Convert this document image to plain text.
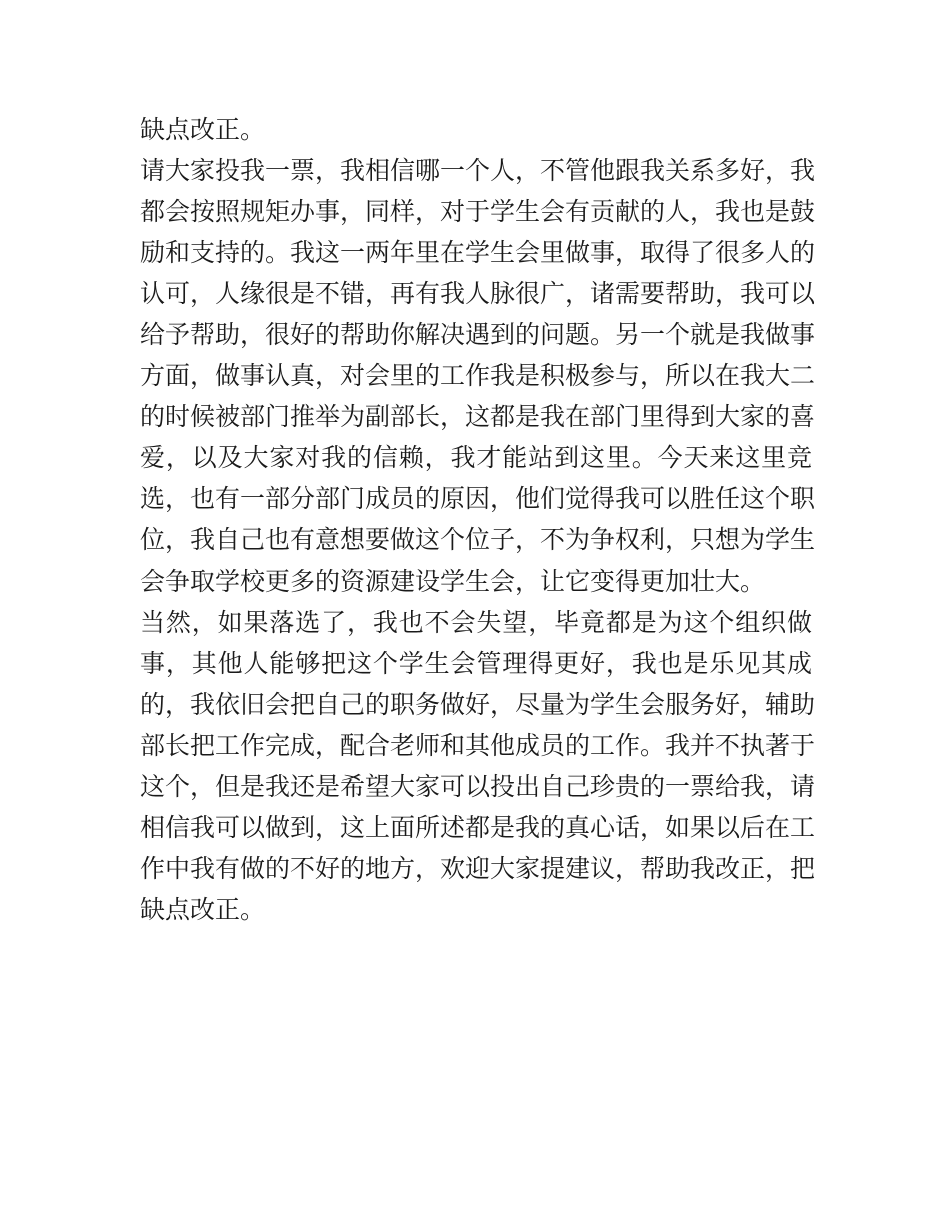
缺点改正。
请大家投我一票，我相信哪一个人，不管他跟我关系多好，我
都会按照规矩办事，同样，对于学生会有贡献的人，我也是鼓
励和支持的。我这一两年里在学生会里做事，取得了很多人的
认可，人缘很是不错，再有我人脉很广，诸需要帮助，我可以
给予帮助，很好的帮助你解决遇到的问题。另一个就是我做事
方面，做事认真，对会里的工作我是积极参与，所以在我大二
的时候被部门推举为副部长，这都是我在部门里得到大家的喜
爱，以及大家对我的信赖，我才能站到这里。今天来这里竞
选，也有一部分部门成员的原因，他们觉得我可以胜任这个职
位，我自己也有意想要做这个位子，不为争权利，只想为学生
会争取学校更多的资源建设学生会，让它变得更加壮大。
当然，如果落选了，我也不会失望，毕竟都是为这个组织做
事，其他人能够把这个学生会管理得更好，我也是乐见其成
的，我依旧会把自己的职务做好，尽量为学生会服务好，辅助
部长把工作完成，配合老师和其他成员的工作。我并不执著于
这个，但是我还是希望大家可以投出自己珍贵的一票给我，请
相信我可以做到，这上面所述都是我的真心话，如果以后在工
作中我有做的不好的地方，欢迎大家提建议，帮助我改正，把
缺点改正。
